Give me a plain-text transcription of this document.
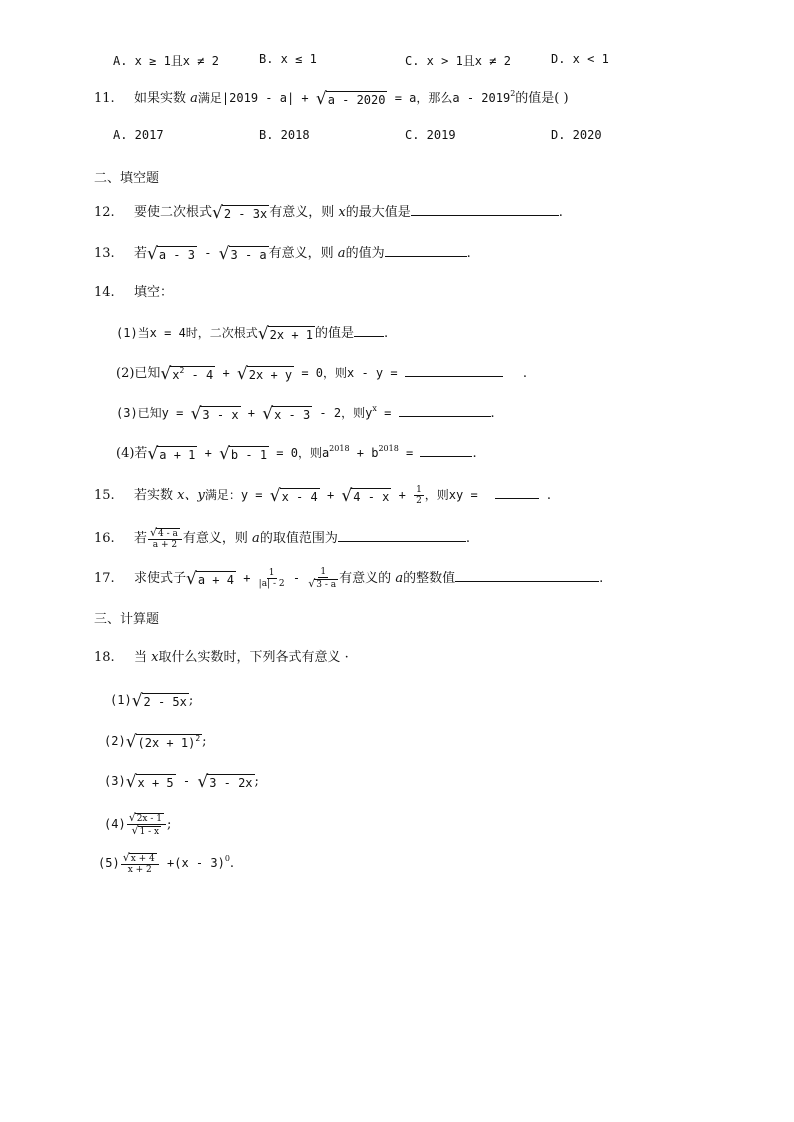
A. x ≥ 1且x ≠ 2	B. x ≤ 1	C. x > 1且x ≠ 2	D. x < 1
11. 如果实数 a满足|2019 - a| + √ a - 2020 = a，那么a - 2019$^2$的值是( )
A. 2017	B. 2018	C. 2019	D. 2020
二、填空题
12. 要使二次根式 √ 2 - 3x 有意义，则 x的最大值是	.
13. 若 √ a - 3 - √ 3 - a 有意义，则 a的值为	.
14. 填空：
(1)当x = 4时，二次根式 √ 2x + 1 的值是 .
(2)已知 √ $x^2 - 4$ + √ 2x + y = 0，则x - y =	.
(3)已知y = √ 3 - x + √ x - 3 - 2，则$y^x$ =	.
(4)若 √ a + 1 + √ b - 1 = 0，则$a^{2018} + b^{2018}$ =	.
15. 若实数 x、y满足：y = √ x - 4 + √ $4 - x + \frac{1}{2}$ ，则xy =	.
16. 若 $\frac{√ 4 - a}{a + 2}$ 有意义，则 a的取值范围为	.
17. 求使式子 √ $a + 4 + \frac{1}{|a| - 2} - \frac{1}{√ 3 - a}$ 有意义的 a的整数值	.
三、计算题
18. 当 x取什么实数时，下列各式有意义 ·
(1) √ 2 - 5x ;
(2) √ $(2x + 1)^2$ ;
(3) √ x + 5 - √ 3 - 2x ;
$(4) \frac{√ 2x - 1}{√ 1 - x}$ ;
$(5) \frac{√ x + 4}{x + 2} +(x - 3)^0$.
